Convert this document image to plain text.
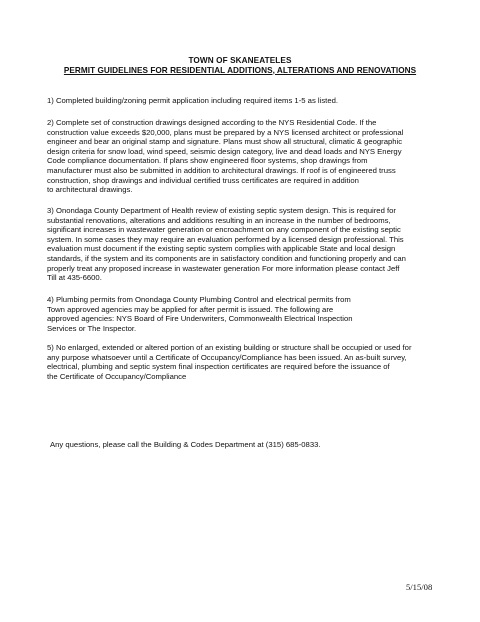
TOWN OF SKANEATELES
PERMIT GUIDELINES FOR RESIDENTIAL ADDITIONS, ALTERATIONS AND RENOVATIONS
1) Completed building/zoning permit application including required items 1-5 as listed.
2) Complete set of construction drawings designed according to the NYS Residential Code. If the
construction value exceeds $20,000, plans must be prepared by a NYS licensed architect or professional
engineer and bear an original stamp and signature. Plans must show all structural, climatic & geographic
design criteria for snow load, wind speed, seismic design category, live and dead loads and NYS Energy
Code compliance documentation. If plans show engineered floor systems, shop drawings from
manufacturer must also be submitted in addition to architectural drawings. If roof is of engineered truss
construction, shop drawings and individual certified truss certificates are required in addition
to architectural drawings.
3) Onondaga County Department of Health review of existing septic system design. This is required for
substantial renovations, alterations and additions resulting in an increase in the number of bedrooms,
significant increases in wastewater generation or encroachment on any component of the existing septic
system. In some cases they may require an evaluation performed by a licensed design professional. This
evaluation must document if the existing septic system complies with applicable State and local design
standards, if the system and its components are in satisfactory condition and functioning properly and can
properly treat any proposed increase in wastewater generation For more information please contact Jeff
Till at 435-6600.
4) Plumbing permits from Onondaga County Plumbing Control and electrical permits from
Town approved agencies may be applied for after permit is issued. The following are
approved agencies: NYS Board of Fire Underwriters, Commonwealth Electrical Inspection
Services or The Inspector.
5) No enlarged, extended or altered portion of an existing building or structure shall be occupied or used for
any purpose whatsoever until a Certificate of Occupancy/Compliance has been issued. An as-built survey,
electrical, plumbing and septic system final inspection certificates are required before the issuance of
the Certificate of Occupancy/Compliance
Any questions, please call the Building & Codes Department at (315) 685-0833.
5/15/08
